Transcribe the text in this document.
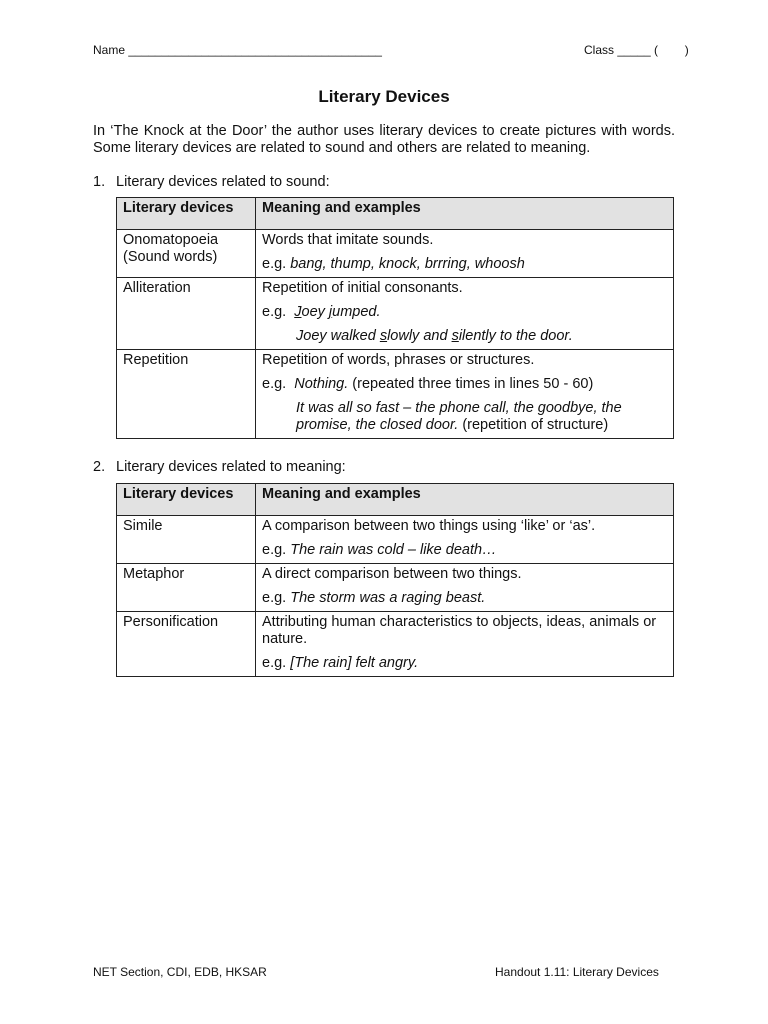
Name ______________________________________	Class _____ (        )
Literary Devices
In ‘The Knock at the Door’ the author uses literary devices to create pictures with words. Some literary devices are related to sound and others are related to meaning.
1. Literary devices related to sound:
Literary devices	Meaning and examples
Onomatopoeia (Sound words)	Words that imitate sounds.
e.g. bang, thump, knock, brrring, whoosh

Alliteration	Repetition of initial consonants.
e.g. Joey jumped.
Joey walked slowly and silently to the door.

Repetition	Repetition of words, phrases or structures.
e.g. Nothing. (repeated three times in lines 50 - 60)
It was all so fast – the phone call, the goodbye, the promise, the closed door. (repetition of structure)
2. Literary devices related to meaning:
Literary devices	Meaning and examples
Simile	A comparison between two things using ‘like’ or ‘as’.
e.g. The rain was cold – like death…

Metaphor	A direct comparison between two things.
e.g. The storm was a raging beast.

Personification	Attributing human characteristics to objects, ideas, animals or nature.
e.g. [The rain] felt angry.
NET Section, CDI, EDB, HKSAR	Handout 1.11: Literary Devices
